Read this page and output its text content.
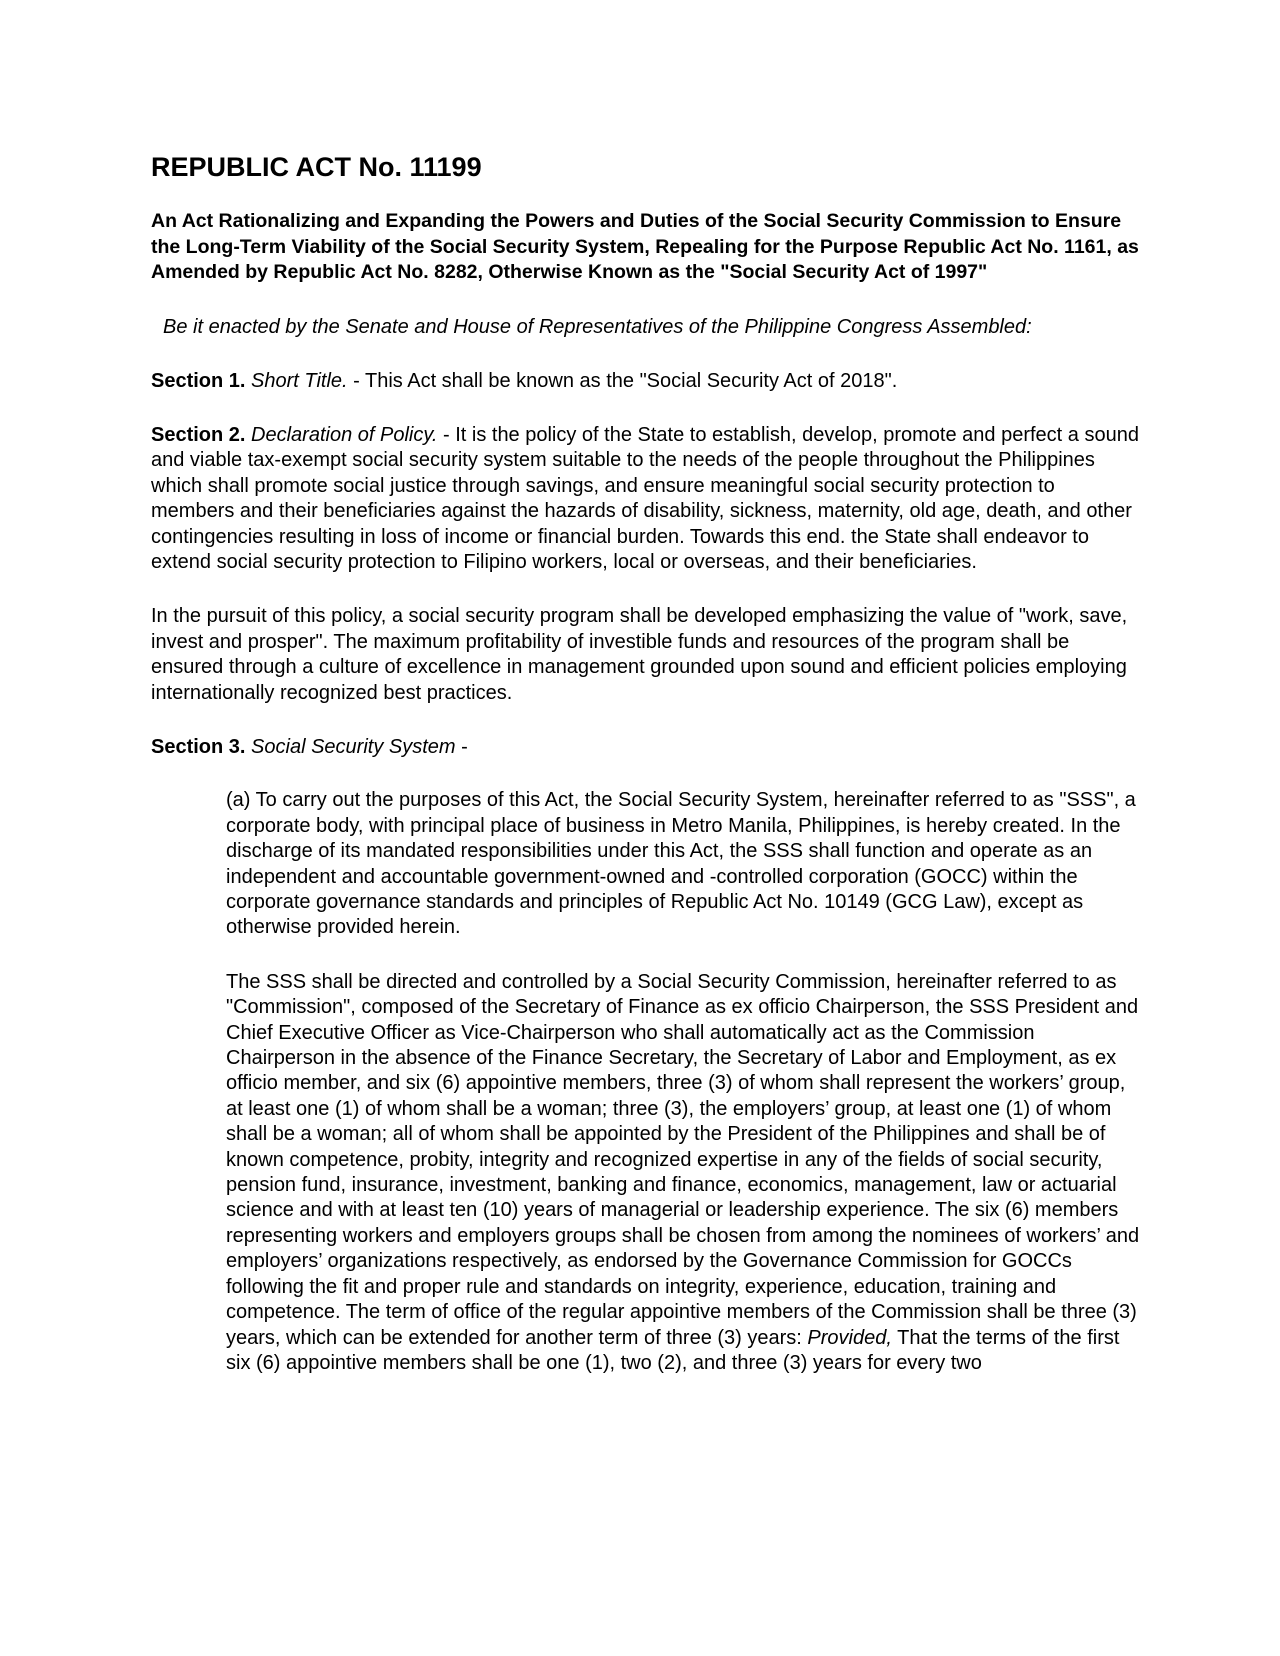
REPUBLIC ACT No. 11199

An Act Rationalizing and Expanding the Powers and Duties of the Social Security Commission to Ensure the Long-Term Viability of the Social Security System, Repealing for the Purpose Republic Act No. 1161, as Amended by Republic Act No. 8282, Otherwise Known as the "Social Security Act of 1997"

Be it enacted by the Senate and House of Representatives of the Philippine Congress Assembled:

Section 1. Short Title. - This Act shall be known as the "Social Security Act of 2018".

Section 2. Declaration of Policy. - It is the policy of the State to establish, develop, promote and perfect a sound and viable tax-exempt social security system suitable to the needs of the people throughout the Philippines which shall promote social justice through savings, and ensure meaningful social security protection to members and their beneficiaries against the hazards of disability, sickness, maternity, old age, death, and other contingencies resulting in loss of income or financial burden. Towards this end. the State shall endeavor to extend social security protection to Filipino workers, local or overseas, and their beneficiaries.

In the pursuit of this policy, a social security program shall be developed emphasizing the value of "work, save, invest and prosper". The maximum profitability of investible funds and resources of the program shall be ensured through a culture of excellence in management grounded upon sound and efficient policies employing internationally recognized best practices.

Section 3. Social Security System -

(a) To carry out the purposes of this Act, the Social Security System, hereinafter referred to as "SSS", a corporate body, with principal place of business in Metro Manila, Philippines, is hereby created. In the discharge of its mandated responsibilities under this Act, the SSS shall function and operate as an independent and accountable government-owned and -controlled corporation (GOCC) within the corporate governance standards and principles of Republic Act No. 10149 (GCG Law), except as otherwise provided herein.

The SSS shall be directed and controlled by a Social Security Commission, hereinafter referred to as "Commission", composed of the Secretary of Finance as ex officio Chairperson, the SSS President and Chief Executive Officer as Vice-Chairperson who shall automatically act as the Commission Chairperson in the absence of the Finance Secretary, the Secretary of Labor and Employment, as ex officio member, and six (6) appointive members, three (3) of whom shall represent the workers’ group, at least one (1) of whom shall be a woman; three (3), the employers’ group, at least one (1) of whom shall be a woman; all of whom shall be appointed by the President of the Philippines and shall be of known competence, probity, integrity and recognized expertise in any of the fields of social security, pension fund, insurance, investment, banking and finance, economics, management, law or actuarial science and with at least ten (10) years of managerial or leadership experience. The six (6) members representing workers and employers groups shall be chosen from among the nominees of workers’ and employers’ organizations respectively, as endorsed by the Governance Commission for GOCCs following the fit and proper rule and standards on integrity, experience, education, training and competence. The term of office of the regular appointive members of the Commission shall be three (3) years, which can be extended for another term of three (3) years: Provided, That the terms of the first six (6) appointive members shall be one (1), two (2), and three (3) years for every two
